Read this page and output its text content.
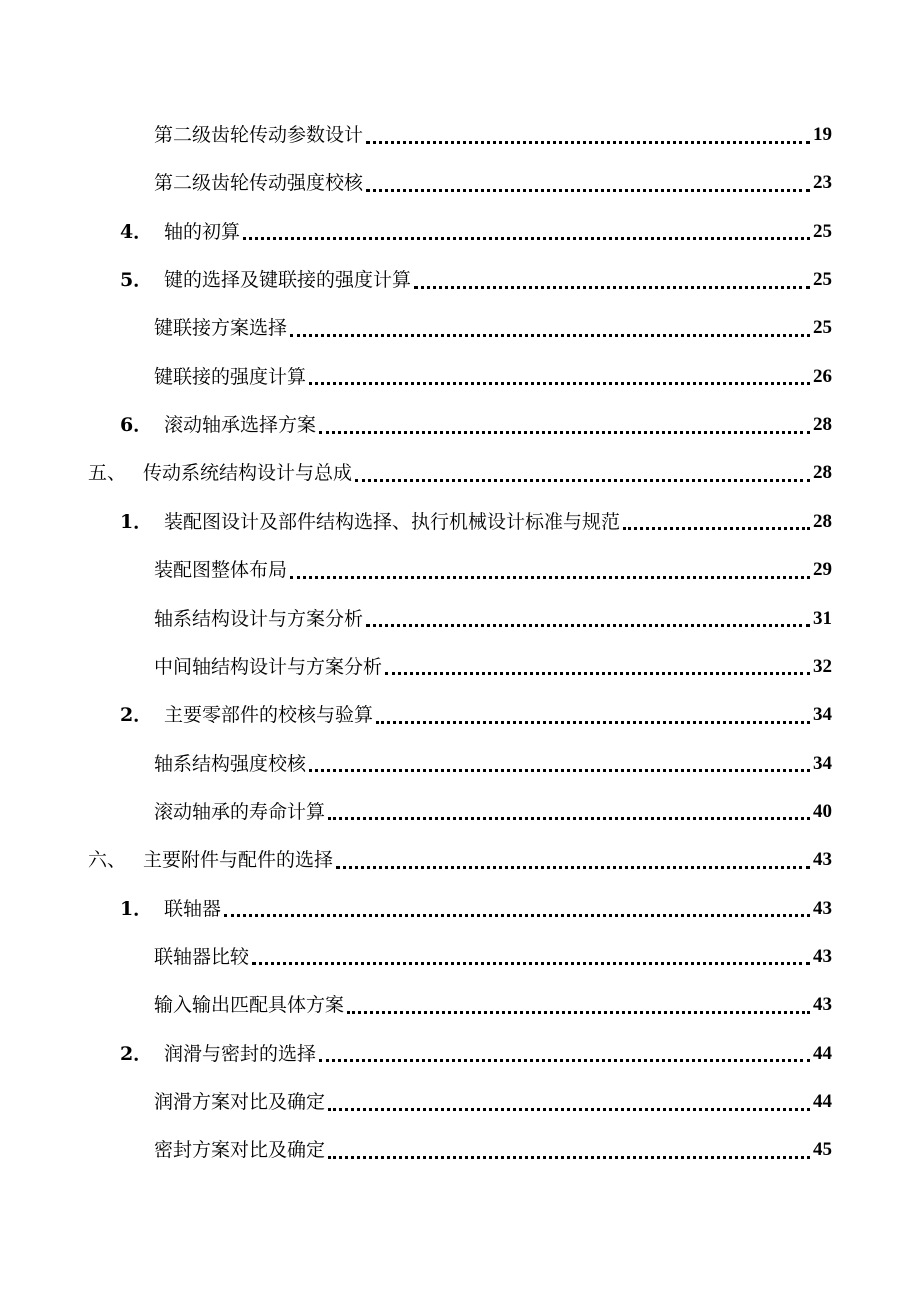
第二级齿轮传动参数设计	19
第二级齿轮传动强度校核	23
4． 轴的初算	25
5． 键的选择及键联接的强度计算	25
键联接方案选择	25
键联接的强度计算	26
6． 滚动轴承选择方案	28
五、 传动系统结构设计与总成	28
1． 装配图设计及部件结构选择、执行机械设计标准与规范	28
装配图整体布局	29
轴系结构设计与方案分析	31
中间轴结构设计与方案分析	32
2． 主要零部件的校核与验算	34
轴系结构强度校核	34
滚动轴承的寿命计算	40
六、 主要附件与配件的选择	43
1． 联轴器	43
联轴器比较	43
输入输出匹配具体方案	43
2． 润滑与密封的选择	44
润滑方案对比及确定	44
密封方案对比及确定	45
